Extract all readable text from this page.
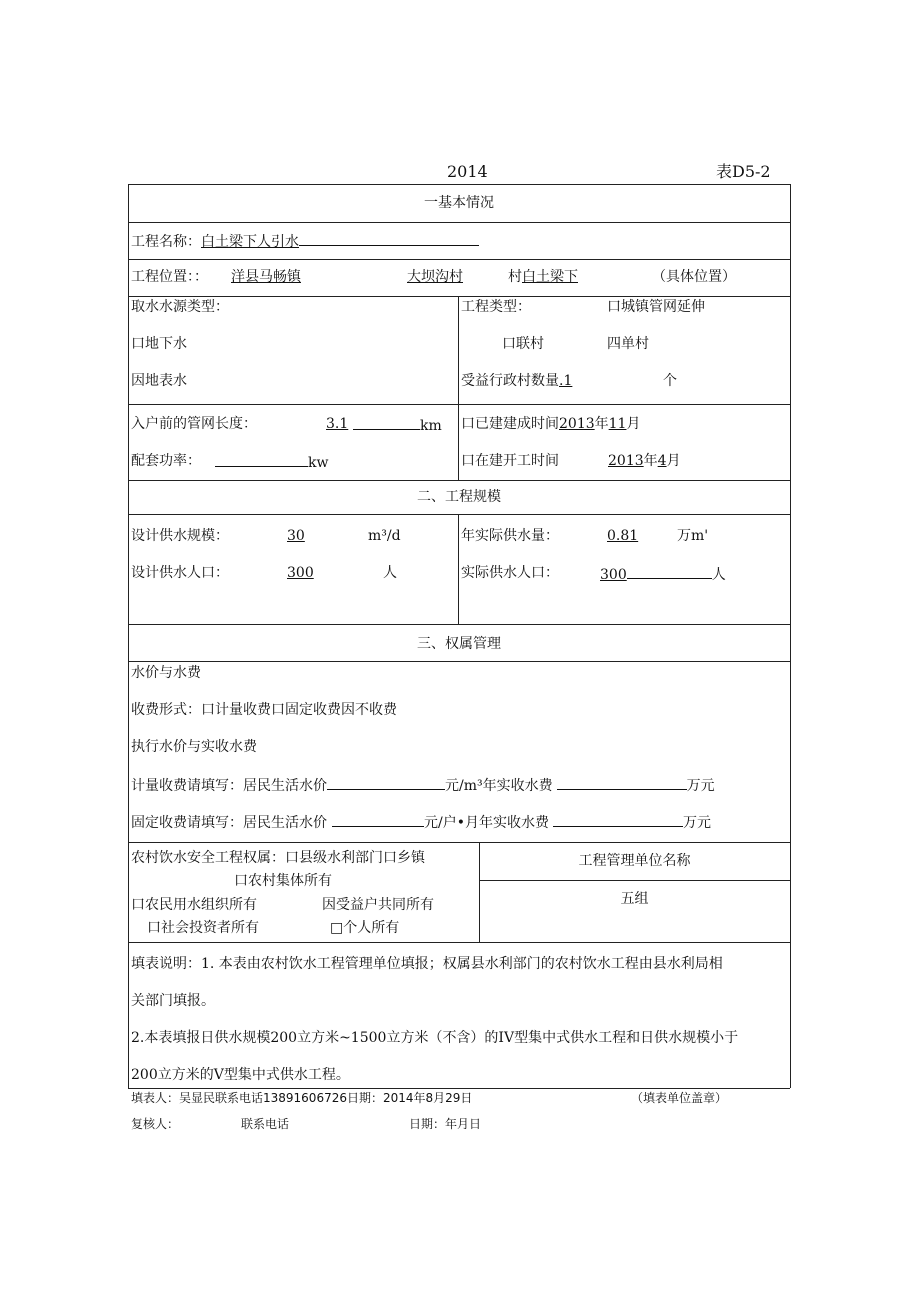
2014	表D5-2
一基本情况
工程名称：白土梁下人引水
工程位置：： 洋县马畅镇	大坝沟村	村白土梁下	（具体位置）
取水水源类型：
口地下水
因地表水
工程类型：	口城镇管网延伸
口联村	四单村
受益行政村数量.1	个
入户前的管网长度：	3.1	km
配套功率：	kw
口已建建成时间2013年11月
口在建开工时间	2013年4月
二、工程规模
设计供水规模：	30	m³/d
设计供水人口：	300	人
年实际供水量：	0.81	万m'
实际供水人口：	300	人
三、权属管理
水价与水费
收费形式：口计量收费口固定收费因不收费
执行水价与实收水费
计量收费请填写：居民生活水价	元/m³年实收水费	万元
固定收费请填写：居民生活水价	元/户•月年实收水费	万元
农村饮水安全工程权属：口县级水利部门口乡镇
口农村集体所有
口农民用水组织所有	因受益户共同所有
口社会投资者所有	□个人所有
工程管理单位名称
五组
填表说明：1. 本表由农村饮水工程管理单位填报；权属县水利部门的农村饮水工程由县水利局相
关部门填报。
2.本表填报日供水规模200立方米~1500立方米（不含）的IV型集中式供水工程和日供水规模小于
200立方米的V型集中式供水工程。
填表人：吴显民联系电话13891606726日期：2014年8月29日	（填表单位盖章）
复核人：	联系电话	日期：年月日
